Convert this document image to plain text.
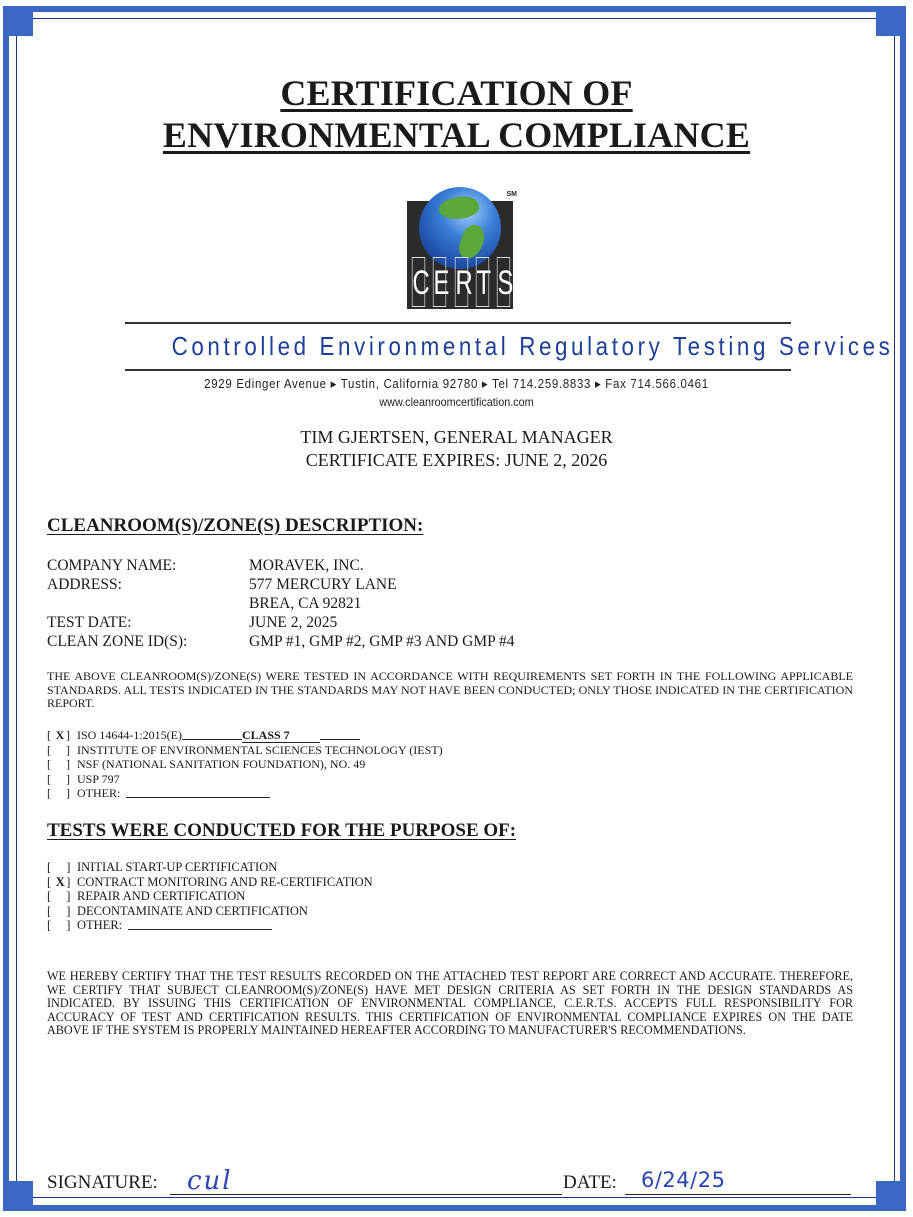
CERTIFICATION OF
ENVIRONMENTAL COMPLIANCE
SM
C E R T S
Controlled Environmental Regulatory Testing Services
2929 Edinger Avenue ▸ Tustin, California 92780 ▸ Tel 714.259.8833 ▸ Fax 714.566.0461
www.cleanroomcertification.com
TIM GJERTSEN, GENERAL MANAGER
CERTIFICATE EXPIRES: JUNE 2, 2026
CLEANROOM(S)/ZONE(S) DESCRIPTION:
COMPANY NAME:	MORAVEK, INC.
ADDRESS:	577 MERCURY LANE
BREA, CA 92821
TEST DATE:	JUNE 2, 2025
CLEAN ZONE ID(S):	GMP #1, GMP #2, GMP #3 AND GMP #4
THE ABOVE CLEANROOM(S)/ZONE(S) WERE TESTED IN ACCORDANCE WITH REQUIREMENTS SET FORTH IN THE FOLLOWING APPLICABLE STANDARDS. ALL TESTS INDICATED IN THE STANDARDS MAY NOT HAVE BEEN CONDUCTED; ONLY THOSE INDICATED IN THE CERTIFICATION REPORT.
[ X ] ISO 14644-1:2015(E)	CLASS 7
[ ] INSTITUTE OF ENVIRONMENTAL SCIENCES TECHNOLOGY (IEST)
[ ] NSF (NATIONAL SANITATION FOUNDATION), NO. 49
[ ] USP 797
[ ] OTHER:

TESTS WERE CONDUCTED FOR THE PURPOSE OF:
[ ] INITIAL START-UP CERTIFICATION
[ X] CONTRACT MONITORING AND RE-CERTIFICATION
[ ] REPAIR AND CERTIFICATION
[ ] DECONTAMINATE AND CERTIFICATION
[ ] OTHER:

WE HEREBY CERTIFY THAT THE TEST RESULTS RECORDED ON THE ATTACHED TEST REPORT ARE CORRECT AND ACCURATE. THEREFORE, WE CERTIFY THAT SUBJECT CLEANROOM(S)/ZONE(S) HAVE MET DESIGN CRITERIA AS SET FORTH IN THE DESIGN STANDARDS AS INDICATED. BY ISSUING THIS CERTIFICATION OF ENVIRONMENTAL COMPLIANCE, C.E.R.T.S. ACCEPTS FULL RESPONSIBILITY FOR ACCURACY OF TEST AND CERTIFICATION RESULTS. THIS CERTIFICATION OF ENVIRONMENTAL COMPLIANCE EXPIRES ON THE DATE ABOVE IF THE SYSTEM IS PROPERLY MAINTAINED HEREAFTER ACCORDING TO MANUFACTURER'S RECOMMENDATIONS.
SIGNATURE: cul	DATE: 6/24/25
